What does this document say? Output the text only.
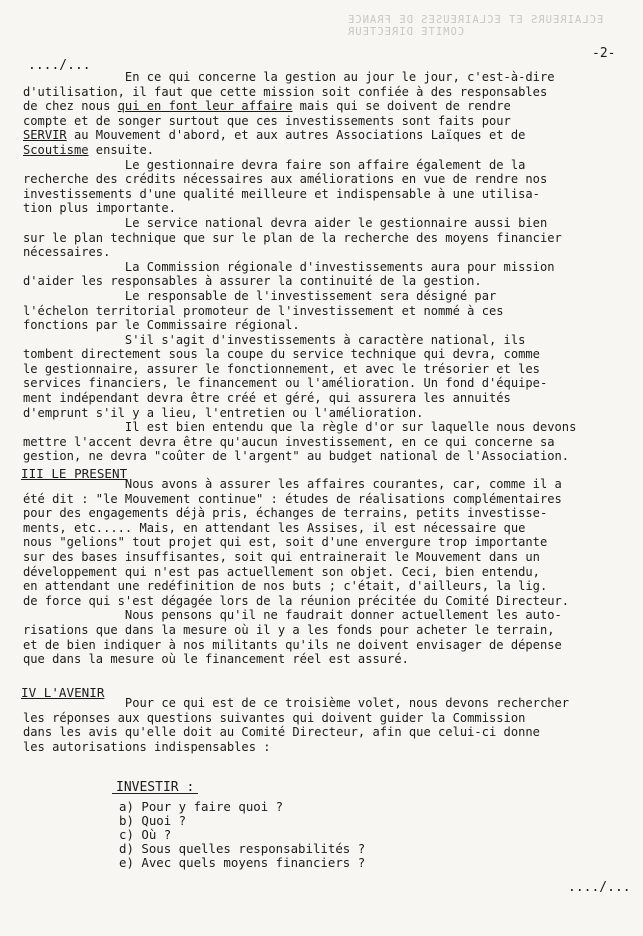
ECLAIREURS ET ECLAIREUSES DE FRANCE
COMITE DIRECTEUR
-2-
..../...
En ce qui concerne la gestion au jour le jour, c'est-à-dire
d'utilisation, il faut que cette mission soit confiée à des responsables
de chez nous qui en font leur affaire mais qui se doivent de rendre
compte et de songer surtout que ces investissements sont faits pour
SERVIR au Mouvement d'abord, et aux autres Associations Laïques et de
Scoutisme ensuite.
Le gestionnaire devra faire son affaire également de la
recherche des crédits nécessaires aux améliorations en vue de rendre nos
investissements d'une qualité meilleure et indispensable à une utilisa-
tion plus importante.
Le service national devra aider le gestionnaire aussi bien
sur le plan technique que sur le plan de la recherche des moyens financier
nécessaires.
La Commission régionale d'investissements aura pour mission
d'aider les responsables à assurer la continuité de la gestion.
Le responsable de l'investissement sera désigné par
l'échelon territorial promoteur de l'investissement et nommé à ces
fonctions par le Commissaire régional.
S'il s'agit d'investissements à caractère national, ils
tombent directement sous la coupe du service technique qui devra, comme
le gestionnaire, assurer le fonctionnement, et avec le trésorier et les
services financiers, le financement ou l'amélioration. Un fond d'équipe-
ment indépendant devra être créé et géré, qui assurera les annuités
d'emprunt s'il y a lieu, l'entretien ou l'amélioration.
Il est bien entendu que la règle d'or sur laquelle nous devons
mettre l'accent devra être qu'aucun investissement, en ce qui concerne sa
gestion, ne devra "coûter de l'argent" au budget national de l'Association.
III LE PRESENT
Nous avons à assurer les affaires courantes, car, comme il a
été dit : "le Mouvement continue" : études de réalisations complémentaires
pour des engagements déjà pris, échanges de terrains, petits investisse-
ments, etc..... Mais, en attendant les Assises, il est nécessaire que
nous "gelions" tout projet qui est, soit d'une envergure trop importante
sur des bases insuffisantes, soit qui entrainerait le Mouvement dans un
développement qui n'est pas actuellement son objet. Ceci, bien entendu,
en attendant une redéfinition de nos buts ; c'était, d'ailleurs, la lig.
de force qui s'est dégagée lors de la réunion précitée du Comité Directeur.
Nous pensons qu'il ne faudrait donner actuellement les auto-
risations que dans la mesure où il y a les fonds pour acheter le terrain,
et de bien indiquer à nos militants qu'ils ne doivent envisager de dépense
que dans la mesure où le financement réel est assuré.
IV L'AVENIR
Pour ce qui est de ce troisième volet, nous devons rechercher
les réponses aux questions suivantes qui doivent guider la Commission
dans les avis qu'elle doit au Comité Directeur, afin que celui-ci donne
les autorisations indispensables :
INVESTIR :
a) Pour y faire quoi ?
b) Quoi ?
c) Où ?
d) Sous quelles responsabilités ?
e) Avec quels moyens financiers ?
..../...
